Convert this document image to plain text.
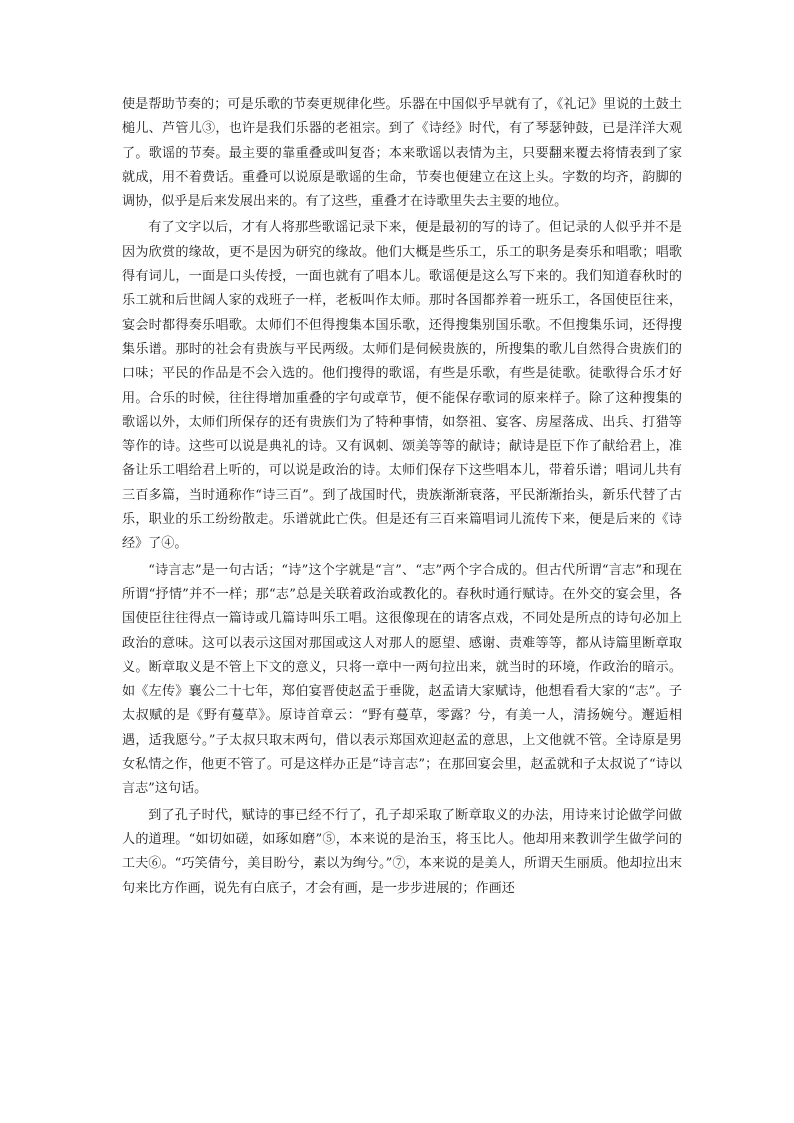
使是帮助节奏的；可是乐歌的节奏更规律化些。乐器在中国似乎早就有了，《礼记》里说的土鼓土槌儿、芦管儿③，也许是我们乐器的老祖宗。到了《诗经》时代，有了琴瑟钟鼓，已是洋洋大观了。歌谣的节奏。最主要的靠重叠或叫复沓；本来歌谣以表情为主，只要翻来覆去将情表到了家就成，用不着费话。重叠可以说原是歌谣的生命，节奏也便建立在这上头。字数的均齐，韵脚的调协，似乎是后来发展出来的。有了这些，重叠才在诗歌里失去主要的地位。

有了文字以后，才有人将那些歌谣记录下来，便是最初的写的诗了。但记录的人似乎并不是因为欣赏的缘故，更不是因为研究的缘故。他们大概是些乐工，乐工的职务是奏乐和唱歌；唱歌得有词儿，一面是口头传授，一面也就有了唱本儿。歌谣便是这么写下来的。我们知道春秋时的乐工就和后世阔人家的戏班子一样，老板叫作太师。那时各国都养着一班乐工，各国使臣往来，宴会时都得奏乐唱歌。太师们不但得搜集本国乐歌，还得搜集别国乐歌。不但搜集乐词，还得搜集乐谱。那时的社会有贵族与平民两级。太师们是伺候贵族的，所搜集的歌儿自然得合贵族们的口味；平民的作品是不会入选的。他们搜得的歌谣，有些是乐歌，有些是徒歌。徒歌得合乐才好用。合乐的时候，往往得增加重叠的字句或章节，便不能保存歌词的原来样子。除了这种搜集的歌谣以外，太师们所保存的还有贵族们为了特种事情，如祭祖、宴客、房屋落成、出兵、打猎等等作的诗。这些可以说是典礼的诗。又有讽刺、颂美等等的献诗；献诗是臣下作了献给君上，准备让乐工唱给君上听的，可以说是政治的诗。太师们保存下这些唱本儿，带着乐谱；唱词儿共有三百多篇，当时通称作“诗三百”。到了战国时代，贵族渐渐衰落，平民渐渐抬头，新乐代替了古乐，职业的乐工纷纷散走。乐谱就此亡佚。但是还有三百来篇唱词儿流传下来，便是后来的《诗经》了④。

“诗言志”是一句古话；“诗”这个字就是“言”、“志”两个字合成的。但古代所谓“言志”和现在所谓“抒情”并不一样；那“志”总是关联着政治或教化的。春秋时通行赋诗。在外交的宴会里，各国使臣往往得点一篇诗或几篇诗叫乐工唱。这很像现在的请客点戏，不同处是所点的诗句必加上政治的意味。这可以表示这国对那国或这人对那人的愿望、感谢、责难等等，都从诗篇里断章取义。断章取义是不管上下文的意义，只将一章中一两句拉出来，就当时的环境，作政治的暗示。如《左传》襄公二十七年，郑伯宴晋使赵孟于垂陇，赵孟请大家赋诗，他想看看大家的“志”。子太叔赋的是《野有蔓草》。原诗首章云：“野有蔓草，零露？兮，有美一人，清扬婉兮。邂逅相遇，适我愿兮。”子太叔只取末两句，借以表示郑国欢迎赵孟的意思，上文他就不管。全诗原是男女私情之作，他更不管了。可是这样办正是“诗言志”；在那回宴会里，赵孟就和子太叔说了“诗以言志”这句话。

到了孔子时代，赋诗的事已经不行了，孔子却采取了断章取义的办法，用诗来讨论做学问做人的道理。“如切如磋，如琢如磨”⑤，本来说的是治玉，将玉比人。他却用来教训学生做学问的工夫⑥。“巧笑倩兮，美目盼兮，素以为绚兮。”⑦，本来说的是美人，所谓天生丽质。他却拉出末句来比方作画，说先有白底子，才会有画，是一步步进展的；作画还
